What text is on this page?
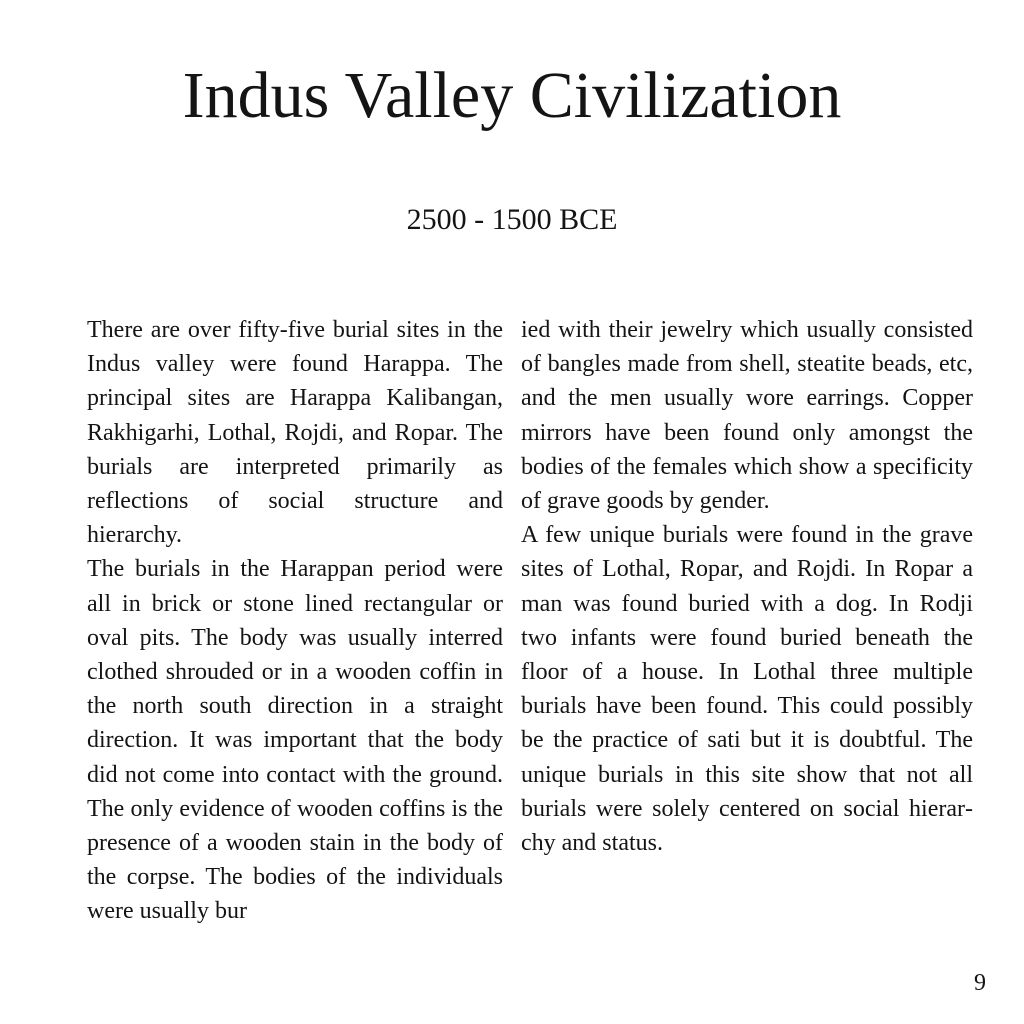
Indus Valley Civilization
2500 - 1500 BCE

There are over fifty-five burial sites in the Indus valley were found Harappa. The principal sites are Harappa Kalibangan, Rakhigarhi, Lothal, Rojdi, and Ropar. The burials are interpreted primarily as reflections of social structure and hierarchy.

The burials in the Harappan period were all in brick or stone lined rectangular or oval pits. The body was usually interred clothed shrouded or in a wooden coffin in the north south direction in a straight direction. It was important that the body did not come into contact with the ground. The only evidence of wooden coffins is the presence of a wooden stain in the body of the corpse. The bodies of the individuals were usually bur

ied with their jewelry which usually consisted of bangles made from shell, steatite beads, etc, and the men usually wore earrings. Copper mirrors have been found only amongst the bodies of the females which show a specificity of grave goods by gender.

A few unique burials were found in the grave sites of Lothal, Ropar, and Rojdi. In Ropar a man was found buried with a dog. In Rodji two infants were found buried beneath the floor of a house. In Lothal three multiple burials have been found. This could possibly be the practice of sati but it is doubtful. The unique burials in this site show that not all burials were solely centered on social hierarchy and status.

9
